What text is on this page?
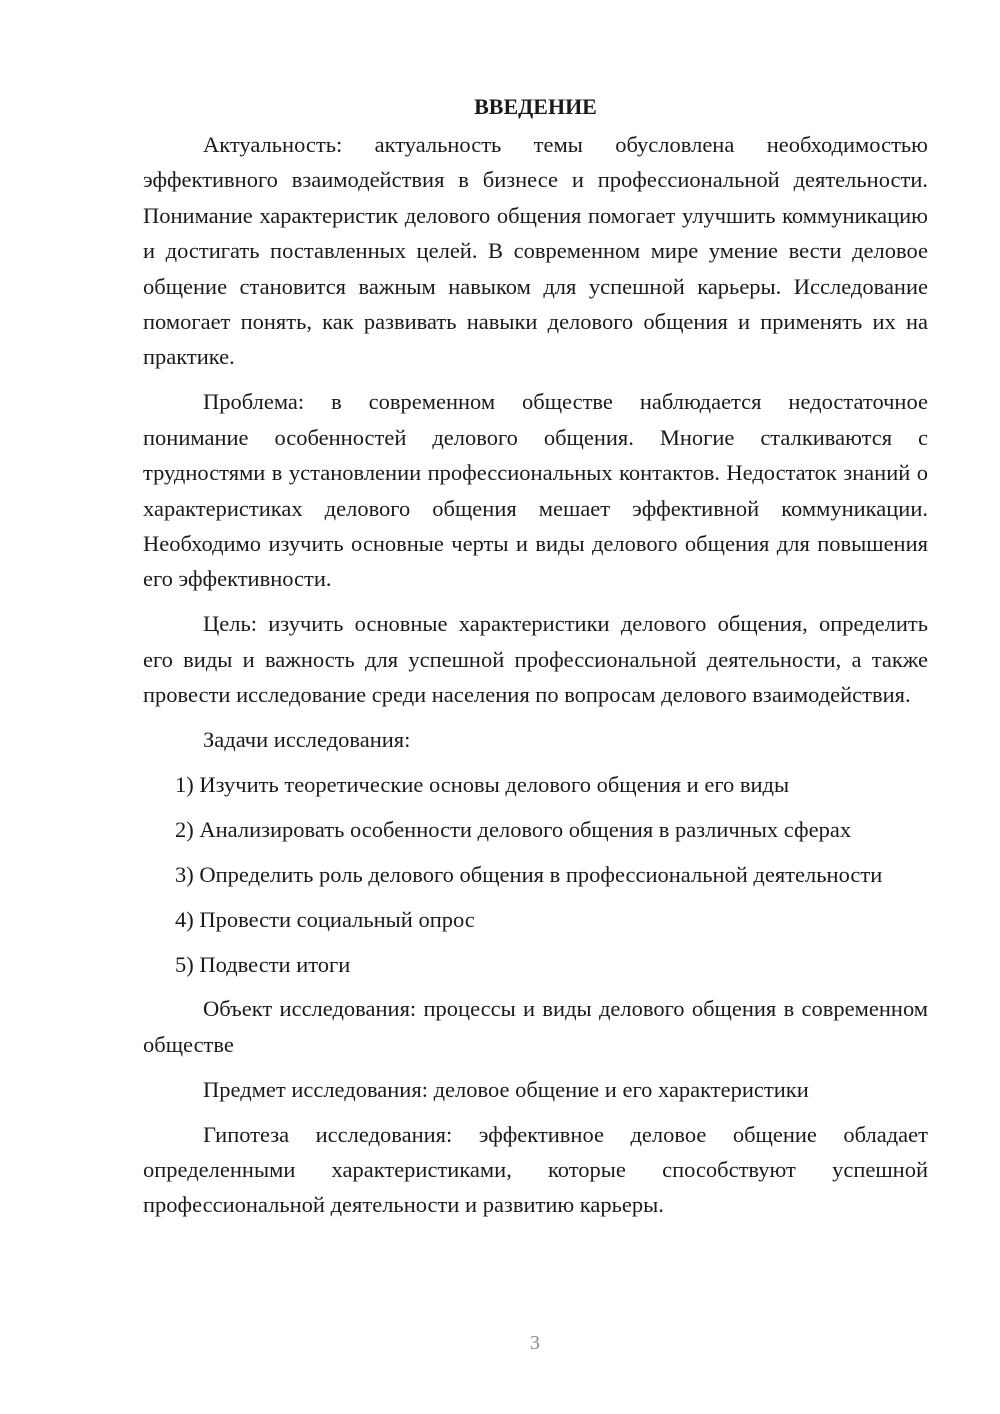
ВВЕДЕНИЕ

Актуальность: актуальность темы обусловлена необходимостью эффективного взаимодействия в бизнесе и профессиональной деятельности. Понимание характеристик делового общения помогает улучшить коммуникацию и достигать поставленных целей. В современном мире умение вести деловое общение становится важным навыком для успешной карьеры. Исследование помогает понять, как развивать навыки делового общения и применять их на практике.

Проблема: в современном обществе наблюдается недостаточное понимание особенностей делового общения. Многие сталкиваются с трудностями в установлении профессиональных контактов. Недостаток знаний о характеристиках делового общения мешает эффективной коммуникации. Необходимо изучить основные черты и виды делового общения для повышения его эффективности.

Цель: изучить основные характеристики делового общения, определить его виды и важность для успешной профессиональной деятельности, а также провести исследование среди населения по вопросам делового взаимодействия.

Задачи исследования:

1) Изучить теоретические основы делового общения и его виды

2) Анализировать особенности делового общения в различных сферах

3) Определить роль делового общения в профессиональной деятельности

4) Провести социальный опрос

5) Подвести итоги

Объект исследования: процессы и виды делового общения в современном обществе

Предмет исследования: деловое общение и его характеристики

Гипотеза исследования: эффективное деловое общение обладает определенными характеристиками, которые способствуют успешной профессиональной деятельности и развитию карьеры.

3
